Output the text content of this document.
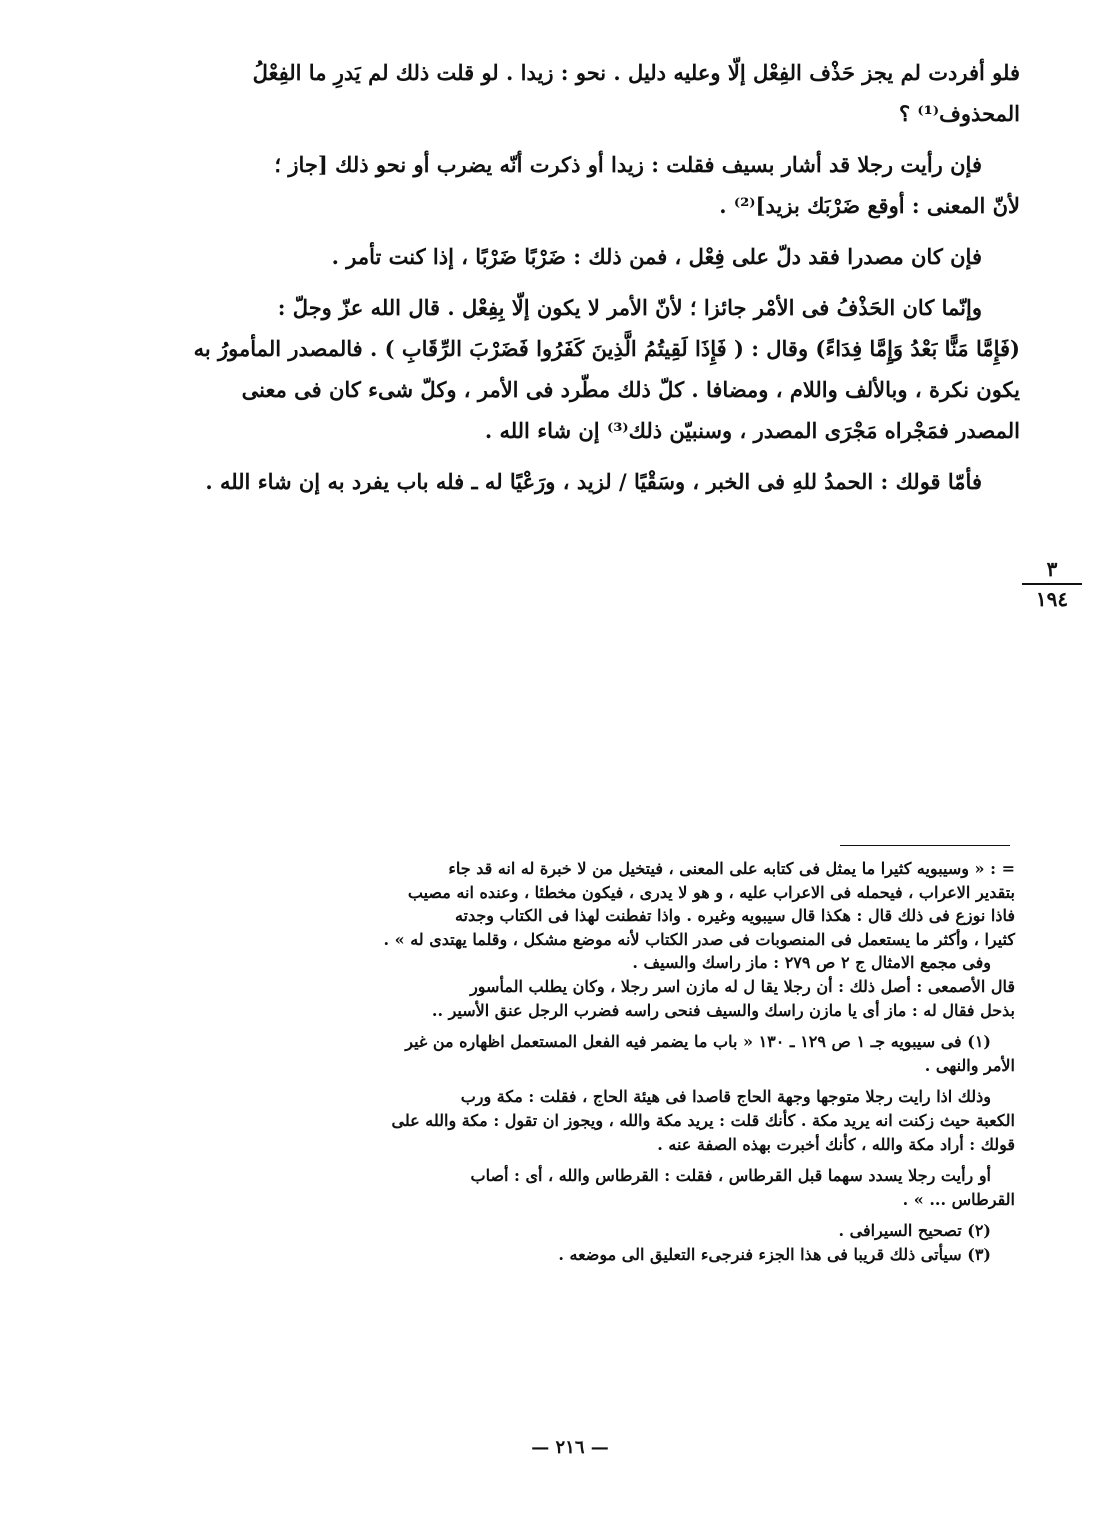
فلو أفردت لم يجز حَذْف الفِعْل إلّا وعليه دليل . نحو : زيدا . لو قلت ذلك لم يَدرِ ما الفِعْلُ

المحذوف⁽¹⁾ ؟

فإن رأيت رجلا قد أشار بسيف فقلت : زيدا أو ذكرت أنّه يضرب أو نحو ذلك [جاز ؛

لأنّ المعنى : أوقع ضَرْبَك بزيد]⁽²⁾ .

فإن كان مصدرا فقد دلّ على فِعْل ، فمن ذلك : ضَرْبًا ضَرْبًا ، إذا كنت تأمر .

وإنّما كان الحَذْفُ فى الأمْر جائزا ؛ لأنّ الأمر لا يكون إلّا بِفِعْل . قال الله عزّ وجلّ :

(فَإِمَّا مَنًّا بَعْدُ وَإِمَّا فِدَاءً) وقال : ( فَإِذَا لَقِيتُمُ الَّذِينَ كَفَرُوا فَضَرْبَ الرِّقَابِ ) . فالمصدر المأمورُ به

يكون نكرة ، وبالألف واللام ، ومضافا . كلّ ذلك مطّرد فى الأمر ، وكلّ شىء كان فى معنى

المصدر فمَجْراه مَجْرَى المصدر ، وسنبيّن ذلك⁽³⁾ إن شاء الله .

فأمّا قولك : الحمدُ للهِ فى الخبر ، وسَقْيًا / لزيد ، ورَعْيًا له ـ فله باب يفرد به إن شاء الله .

٣
١٩٤

= : « وسيبويه كثيرا ما يمثل فى كتابه على المعنى ، فيتخيل من لا خبرة له انه قد جاء

بتقدير الاعراب ، فيحمله فى الاعراب عليه ، و هو لا يدرى ، فيكون مخطئا ، وعنده انه مصيب

فاذا نوزع فى ذلك قال : هكذا قال سيبويه وغيره . واذا تفطنت لهذا فى الكتاب وجدته

كثيرا ، وأكثر ما يستعمل فى المنصوبات فى صدر الكتاب لأنه موضع مشكل ، وقلما يهتدى له » .

وفى مجمع الامثال ج ٢ ص ٢٧٩ : ماز راسك والسيف .

قال الأصمعى : أصل ذلك : أن رجلا يقا ل له مازن اسر رجلا ، وكان يطلب المأسور

بذحل فقال له : ماز أى يا مازن راسك والسيف فنحى راسه فضرب الرجل عنق الأسير ..

(١) فى سيبويه جـ ١ ص ١٢٩ ـ ١٣٠ « باب ما يضمر فيه الفعل المستعمل اظهاره من غير

الأمر والنهى .

وذلك اذا رايت رجلا متوجها وجهة الحاج قاصدا فى هيئة الحاج ، فقلت : مكة ورب

الكعبة حيث زكنت انه يريد مكة . كأنك قلت : يريد مكة والله ، ويجوز ان تقول : مكة والله على

قولك : أراد مكة والله ، كأنك أخبرت بهذه الصفة عنه .

أو رأيت رجلا يسدد سهما قبل القرطاس ، فقلت : القرطاس والله ، أى : أصاب

القرطاس ... » .

(٢) تصحيح السيرافى .

(٣) سيأتى ذلك قريبا فى هذا الجزء فنرجىء التعليق الى موضعه .

— ٢١٦ —
